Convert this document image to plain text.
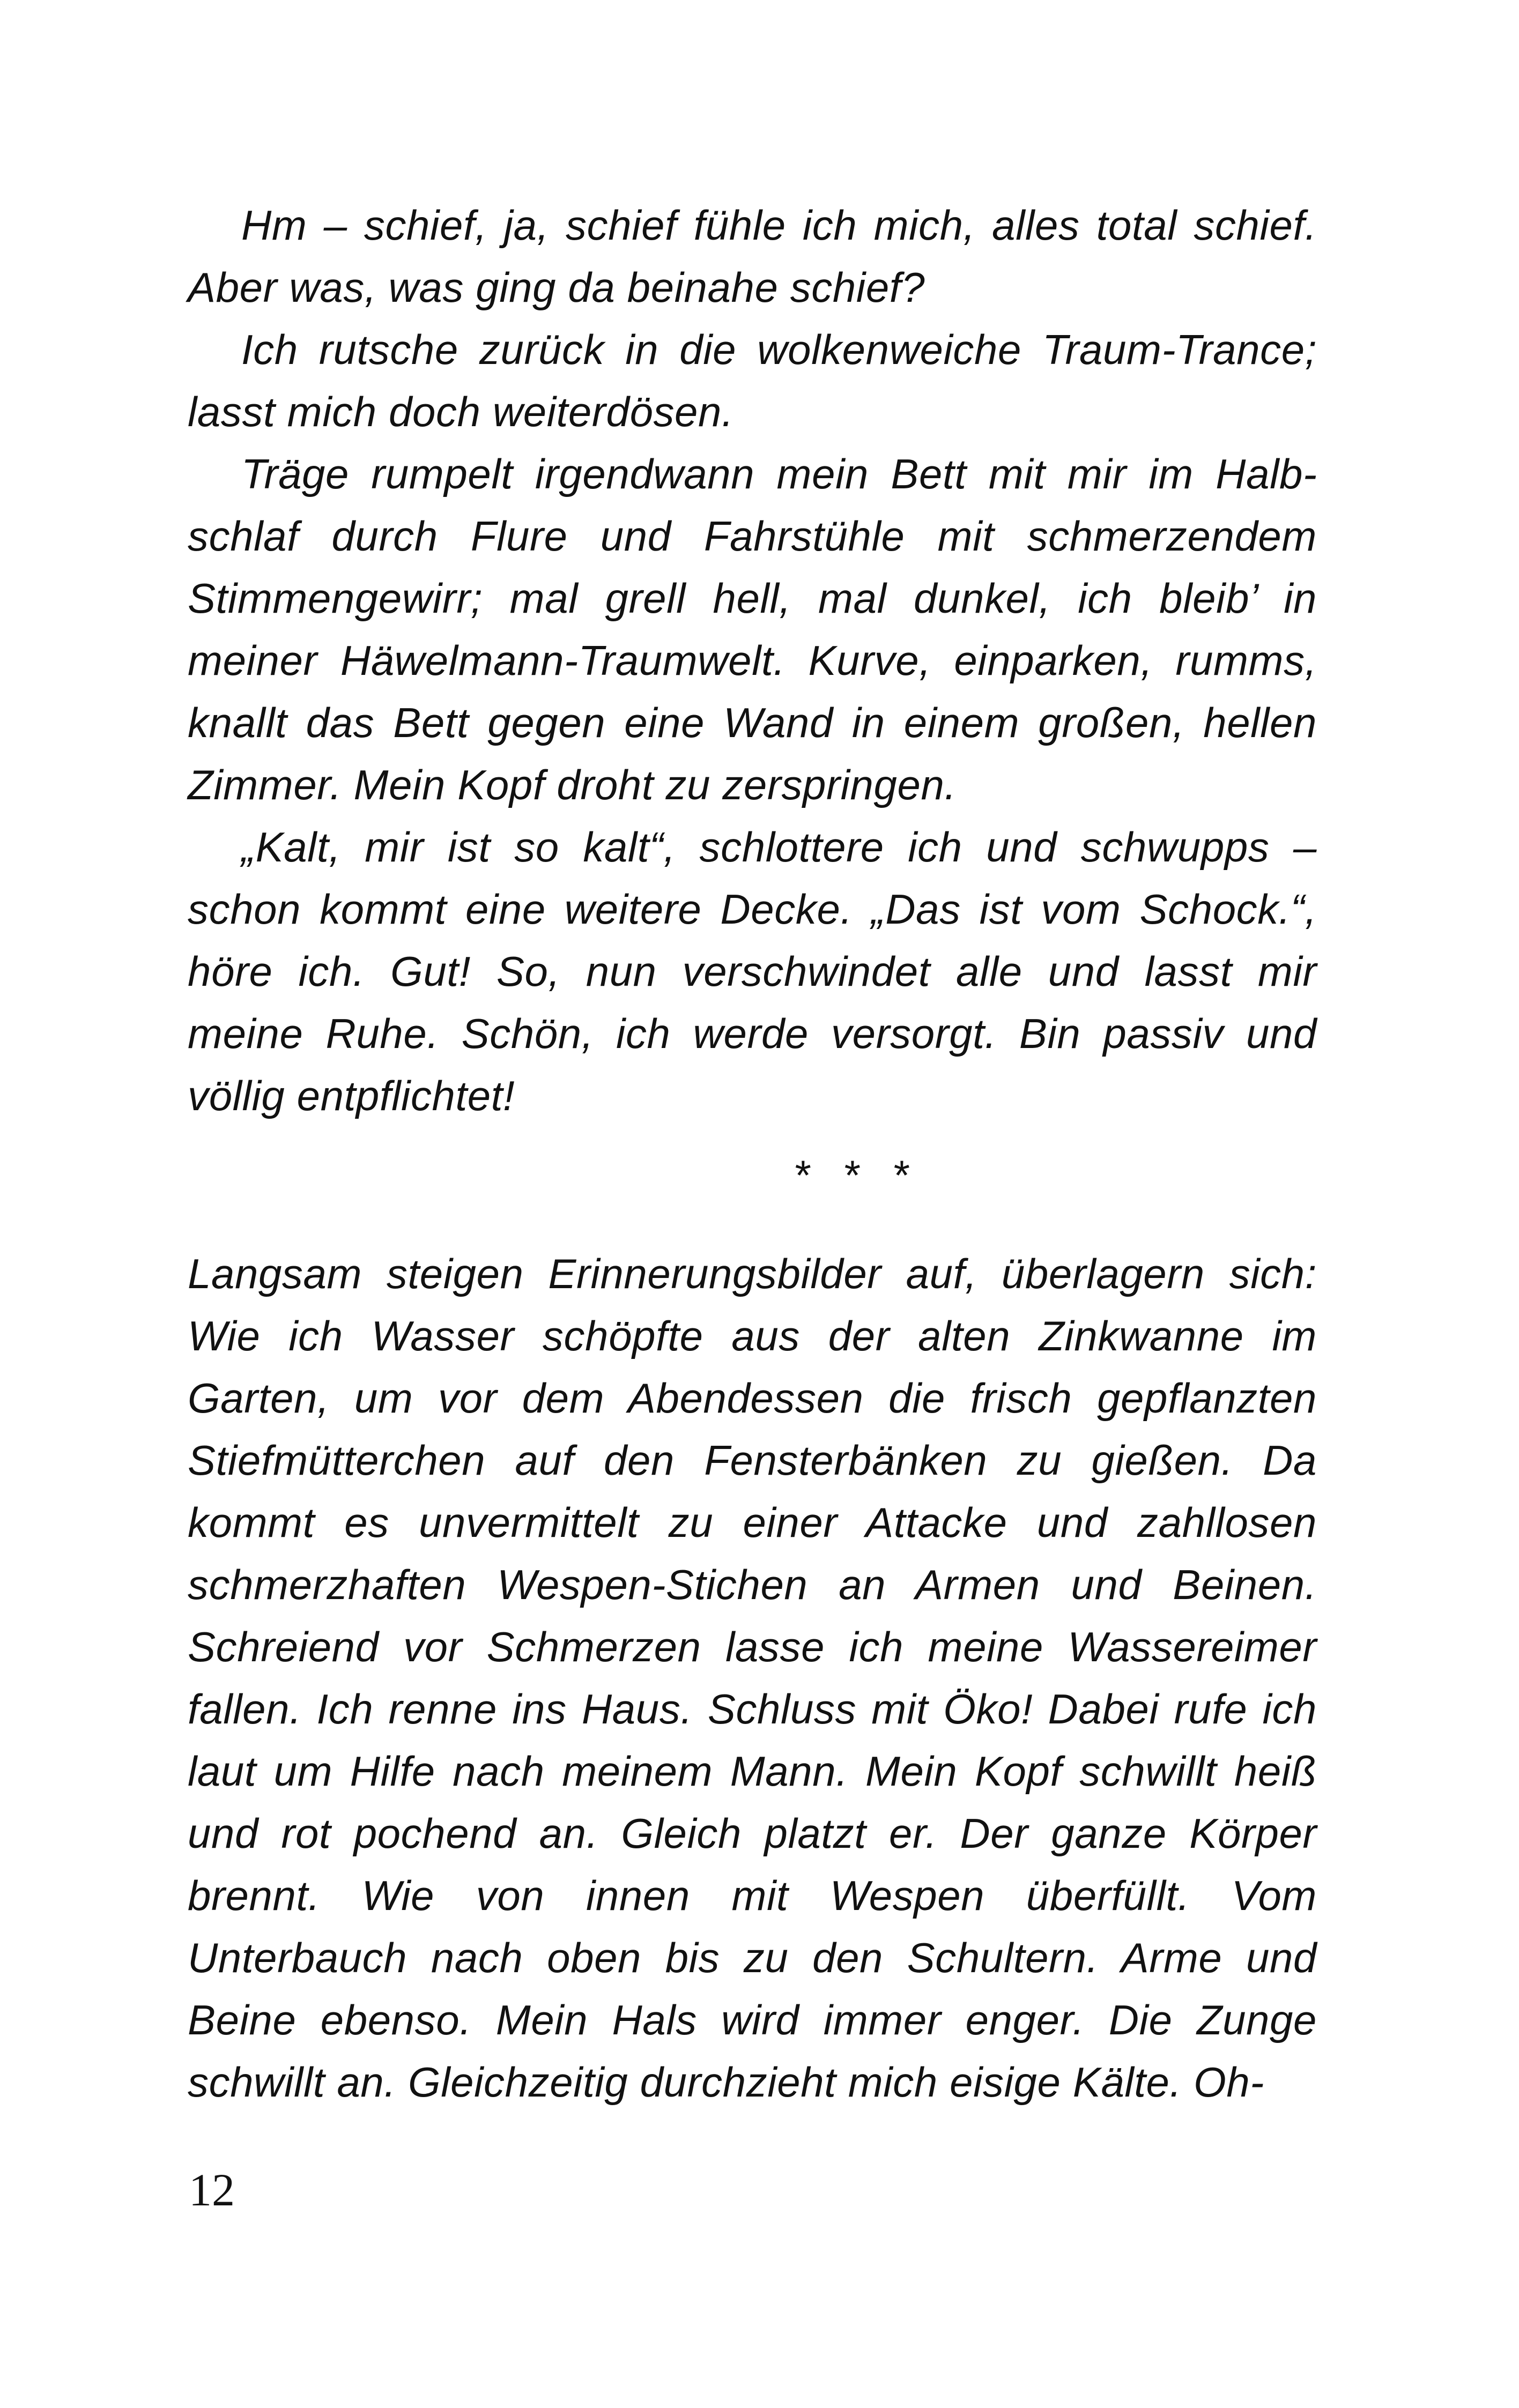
Hm – schief, ja, schief fühle ich mich, alles total schief. Aber was, was ging da beinahe schief?

Ich rutsche zurück in die wolkenweiche Traum-Trance; lasst mich doch weiterdösen.

Träge rumpelt irgendwann mein Bett mit mir im Halbschlaf durch Flure und Fahrstühle mit schmerzendem Stimmengewirr; mal grell hell, mal dunkel, ich bleib’ in meiner Häwelmann-Traumwelt. Kurve, einparken, rumms, knallt das Bett gegen eine Wand in einem großen, hellen Zimmer. Mein Kopf droht zu zerspringen.

„Kalt, mir ist so kalt“, schlottere ich und schwupps – schon kommt eine weitere Decke. „Das ist vom Schock.“, höre ich. Gut! So, nun verschwindet alle und lasst mir meine Ruhe. Schön, ich werde versorgt. Bin passiv und völlig entpflichtet!

* * *

Langsam steigen Erinnerungsbilder auf, überlagern sich: Wie ich Wasser schöpfte aus der alten Zinkwanne im Garten, um vor dem Abendessen die frisch gepflanzten Stiefmütterchen auf den Fensterbänken zu gießen. Da kommt es unvermittelt zu einer Attacke und zahllosen schmerzhaften Wespen-Stichen an Armen und Beinen. Schreiend vor Schmerzen lasse ich meine Wassereimer fallen. Ich renne ins Haus. Schluss mit Öko! Dabei rufe ich laut um Hilfe nach meinem Mann. Mein Kopf schwillt heiß und rot pochend an. Gleich platzt er. Der ganze Körper brennt. Wie von innen mit Wespen überfüllt. Vom Unterbauch nach oben bis zu den Schultern. Arme und Beine ebenso. Mein Hals wird immer enger. Die Zunge schwillt an. Gleichzeitig durchzieht mich eisige Kälte. Oh-

12
